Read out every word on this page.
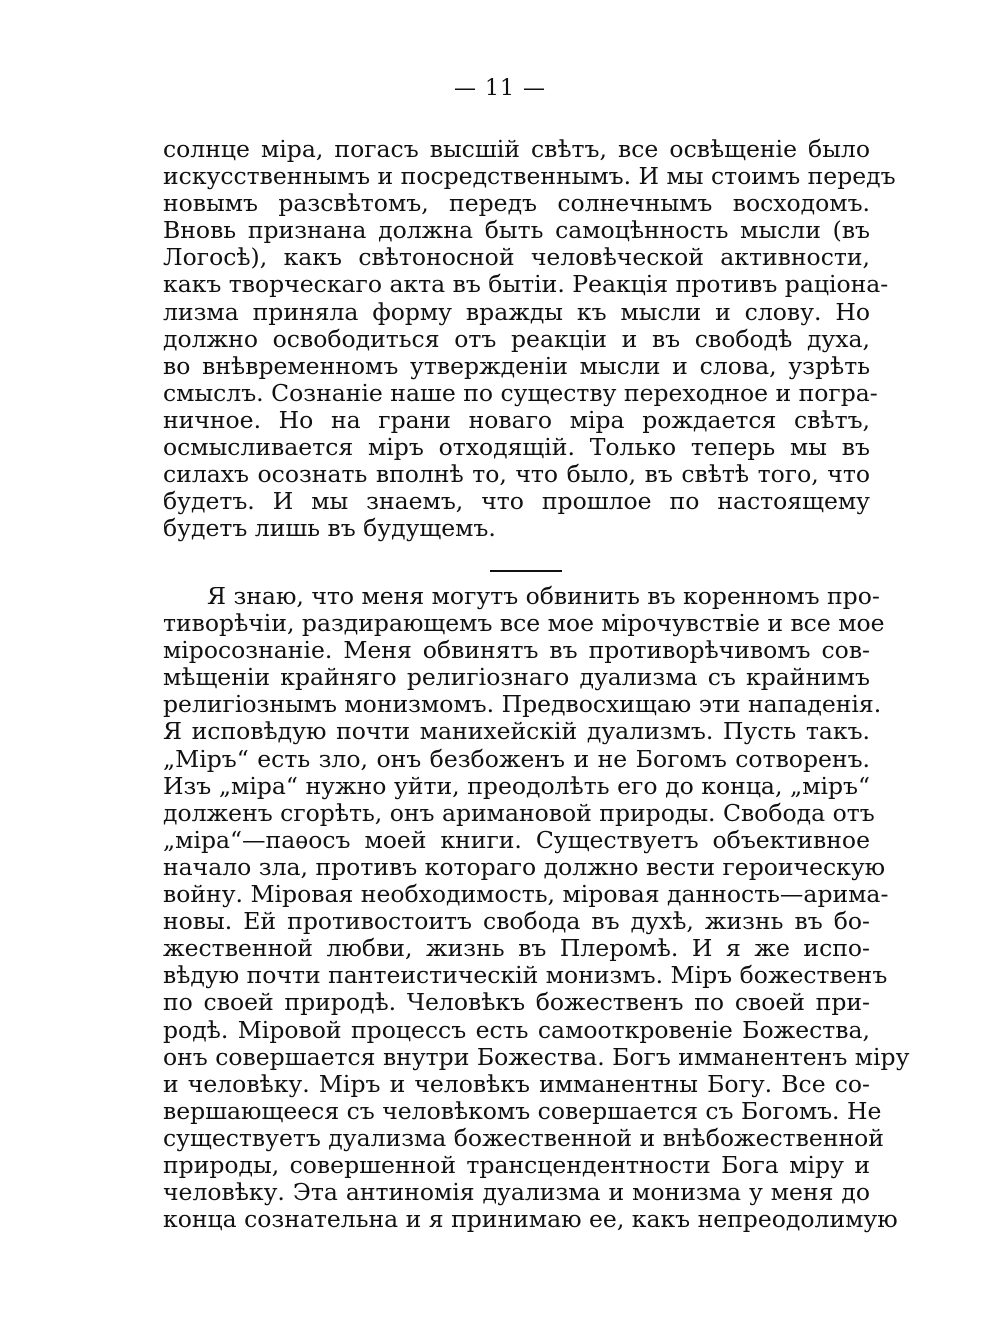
— 11 —
солнце міра, погасъ высшій свѣтъ, все освѣщеніе было
искусственнымъ и посредственнымъ. И мы стоимъ передъ
новымъ разсвѣтомъ, передъ солнечнымъ восходомъ.
Вновь признана должна быть самоцѣнность мысли (въ
Логосѣ), какъ свѣтоносной человѣческой активности,
какъ творческаго акта въ бытіи. Реакція противъ раціона-
лизма приняла форму вражды къ мысли и слову. Но
должно освободиться отъ реакціи и въ свободѣ духа,
во внѣвременномъ утвержденіи мысли и слова, узрѣть
смыслъ. Сознаніе наше по существу переходное и погра-
ничное. Но на грани новаго міра рождается свѣтъ,
осмысливается міръ отходящій. Только теперь мы въ
силахъ осознать вполнѣ то, что было, въ свѣтѣ того, что
будетъ. И мы знаемъ, что прошлое по настоящему
будетъ лишь въ будущемъ.
Я знаю, что меня могутъ обвинить въ коренномъ про-
тиворѣчіи, раздирающемъ все мое мірочувствіе и все мое
міросознаніе. Меня обвинятъ въ противорѣчивомъ сов-
мѣщеніи крайняго религіознаго дуализма съ крайнимъ
религіознымъ монизмомъ. Предвосхищаю эти нападенія.
Я исповѣдую почти манихейскій дуализмъ. Пусть такъ.
„Міръ“ есть зло, онъ безбоженъ и не Богомъ сотворенъ.
Изъ „міра“ нужно уйти, преодолѣть его до конца, „міръ“
долженъ сгорѣть, онъ аримановой природы. Свобода отъ
„міра“—паѳосъ моей книги. Существуетъ объективное
начало зла, противъ котораго должно вести героическую
войну. Міровая необходимость, міровая данность—арима-
новы. Ей противостоитъ свобода въ духѣ, жизнь въ бо-
жественной любви, жизнь въ Плеромѣ. И я же испо-
вѣдую почти пантеистическій монизмъ. Міръ божественъ
по своей природѣ. Человѣкъ божественъ по своей при-
родѣ. Міровой процессъ есть самооткровеніе Божества,
онъ совершается внутри Божества. Богъ имманентенъ міру
и человѣку. Міръ и человѣкъ имманентны Богу. Все со-
вершающееся съ человѣкомъ совершается съ Богомъ. Не
существуетъ дуализма божественной и внѣбожественной
природы, совершенной трансцендентности Бога міру и
человѣку. Эта антиномія дуализма и монизма у меня до
конца сознательна и я принимаю ее, какъ непреодолимую
